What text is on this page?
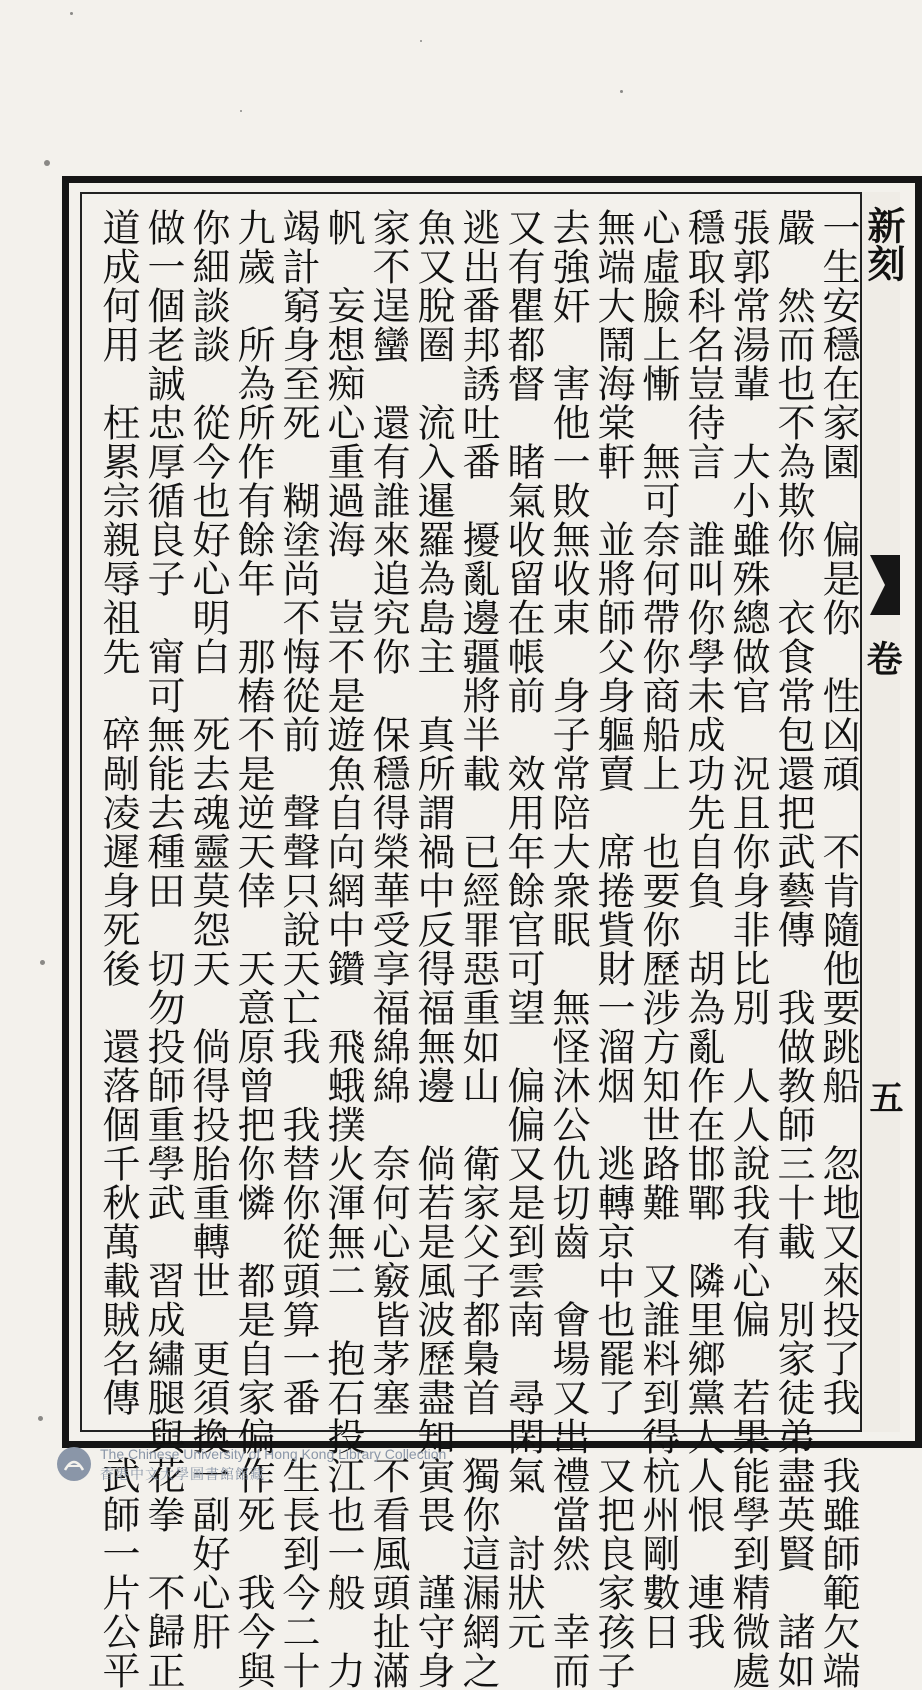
新刻
卷
五
一生安穩在家園　偏是你　性凶頑　不肯隨他要跳船　忽地又來投了我　我雖師範欠端
嚴　然而也不為欺你　衣食常包還把武藝傳　我做教師三十載　別家徒弟盡英賢　諸如
張郭常湯輩　大小雖殊總做官　況且你身非比別　人人說我有心偏　若果能學到精微處
穩取科名豈待言　誰叫你學未成功先自負　胡為亂作在邯鄲　隣里鄉黨人人恨　連我
心虛臉上慚　無可奈何帶你商船上　也要你歷涉方知世路難　又誰料到得杭州剛數日
無端大鬧海棠軒　並將師父身軀賣　席捲貲財一溜烟　逃轉京中也罷了　又把良家孩子
去強奸　害他一敗無收束　身子常陪大衆眠　無怪沐公仇切齒　會場又出禮當然　幸而
又有瞿都督　睹氣收留在帳前　效用年餘官可望　偏偏又是到雲南　尋閑氣　討狀元
逃出番邦誘吐番　擾亂邊疆將半載　已經罪惡重如山　衛家父子都梟首　獨你這漏網之
魚又脫圈　流入暹羅為島主　真所謂禍中反得福無邊　倘若是風波歷盡知寅畏　謹守身
家不逞蠻　還有誰來追究你　保穩得榮華受享福綿綿　奈何心竅皆茅塞　不看風頭扯滿
帆　妄想痴心重過海　豈不是遊魚自向網中鑽　飛蛾撲火渾無二　抱石投江也一般　力
竭計窮身至死　糊塗尚不悔從前　聲聲只說天亡我　我替你從頭算一番　生長到今二十
九歲　所為所作有餘年　那樁不是逆天倖　天意原曾把你憐　都是自家偏作死　我今與
你細談談　從今也好心明白　死去魂靈莫怨天　倘得投胎重轉世　更須換一副好心肝
做一個老誠忠厚循良子　甯可無能去種田　切勿投師重學武　習成繡腿與花拳　不歸正
道成何用　枉累宗親辱祖先　碎剮凌遲身死後　還落個千秋萬載賊名傳　武師一片公平
The Chinese University of Hong Kong Library Collection
香港中文大學圖書館館藏
